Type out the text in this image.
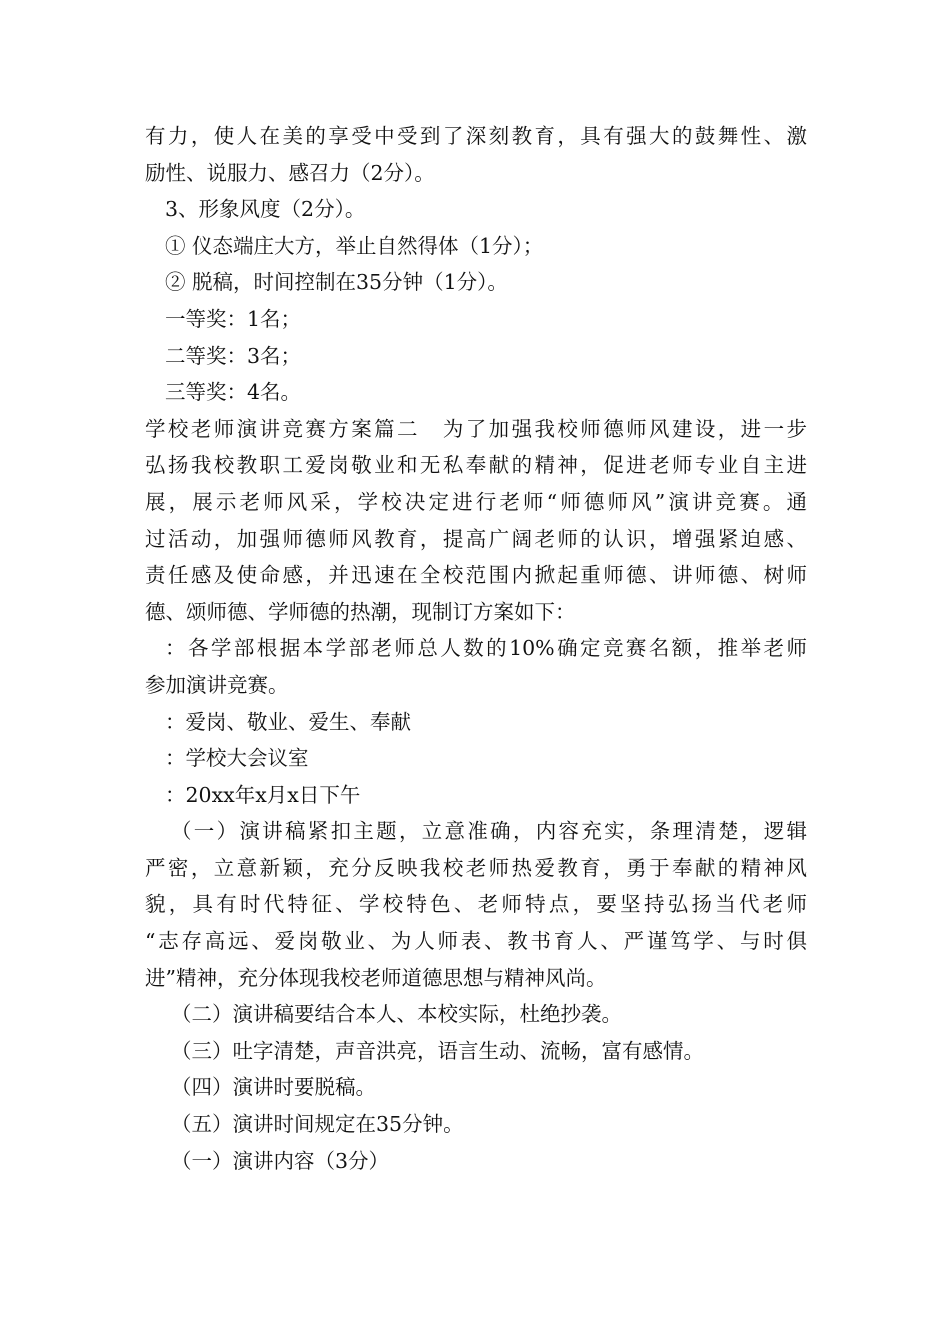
有力，使人在美的享受中受到了深刻教育，具有强大的鼓舞性、激
励性、说服力、感召力（2分）。
3、形象风度（2分）。
① 仪态端庄大方，举止自然得体（1分）；
② 脱稿，时间控制在35分钟（1分）。
一等奖：1名；
二等奖：3名；
三等奖：4名。
学校老师演讲竞赛方案篇二　为了加强我校师德师风建设，进一步
弘扬我校教职工爱岗敬业和无私奉献的精神，促进老师专业自主进
展，展示老师风采，学校决定进行老师“师德师风”演讲竞赛。通
过活动，加强师德师风教育，提高广阔老师的认识，增强紧迫感、
责任感及使命感，并迅速在全校范围内掀起重师德、讲师德、树师
德、颂师德、学师德的热潮，现制订方案如下：
：各学部根据本学部老师总人数的10%确定竞赛名额，推举老师
参加演讲竞赛。
：爱岗、敬业、爱生、奉献
：学校大会议室
：20xx年x月x日下午
（一）演讲稿紧扣主题，立意准确，内容充实，条理清楚，逻辑
严密，立意新颖，充分反映我校老师热爱教育，勇于奉献的精神风
貌，具有时代特征、学校特色、老师特点，要坚持弘扬当代老师
“志存高远、爱岗敬业、为人师表、教书育人、严谨笃学、与时俱
进”精神，充分体现我校老师道德思想与精神风尚。
（二）演讲稿要结合本人、本校实际，杜绝抄袭。
（三）吐字清楚，声音洪亮，语言生动、流畅，富有感情。
（四）演讲时要脱稿。
（五）演讲时间规定在35分钟。
（一）演讲内容（3分）
